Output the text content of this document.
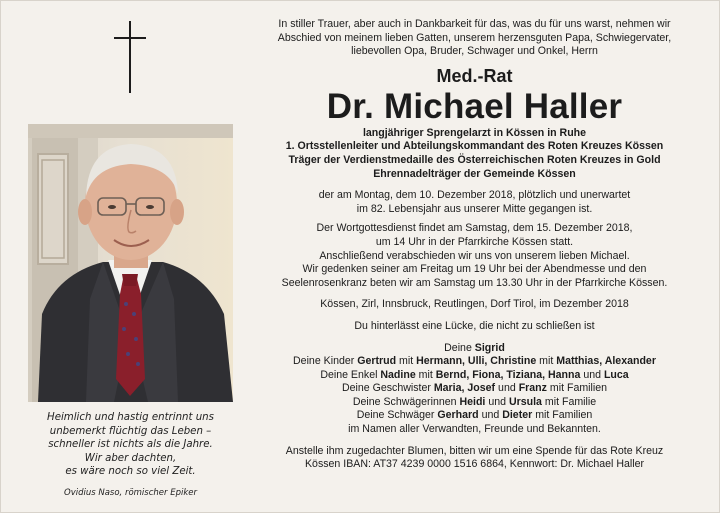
Heimlich und hastig entrinnt uns
unbemerkt flüchtig das Leben –
schneller ist nichts als die Jahre.
Wir aber dachten,
es wäre noch so viel Zeit.
Ovidius Naso, römischer Epiker
In stiller Trauer, aber auch in Dankbarkeit für das, was du für uns warst, nehmen wir
Abschied von meinem lieben Gatten, unserem herzensguten Papa, Schwiegervater,
liebevollen Opa, Bruder, Schwager und Onkel, Herrn
Med.-Rat
Dr. Michael Haller
langjähriger Sprengelarzt in Kössen in Ruhe
1. Ortsstellenleiter und Abteilungskommandant des Roten Kreuzes Kössen
Träger der Verdienstmedaille des Österreichischen Roten Kreuzes in Gold
Ehrennadelträger der Gemeinde Kössen
der am Montag, dem 10. Dezember 2018, plötzlich und unerwartet
im 82. Lebensjahr aus unserer Mitte gegangen ist.
Der Wortgottesdienst findet am Samstag, dem 15. Dezember 2018,
um 14 Uhr in der Pfarrkirche Kössen statt.
Anschließend verabschieden wir uns von unserem lieben Michael.
Wir gedenken seiner am Freitag um 19 Uhr bei der Abendmesse und den
Seelenrosenkranz beten wir am Samstag um 13.30 Uhr in der Pfarrkirche Kössen.
Kössen, Zirl, Innsbruck, Reutlingen, Dorf Tirol, im Dezember 2018
Du hinterlässt eine Lücke, die nicht zu schließen ist
Deine Sigrid
Deine Kinder Gertrud mit Hermann, Ulli, Christine mit Matthias, Alexander
Deine Enkel Nadine mit Bernd, Fiona, Tiziana, Hanna und Luca
Deine Geschwister Maria, Josef und Franz mit Familien
Deine Schwägerinnen Heidi und Ursula mit Familie
Deine Schwäger Gerhard und Dieter mit Familien
im Namen aller Verwandten, Freunde und Bekannten.
Anstelle ihm zugedachter Blumen, bitten wir um eine Spende für das Rote Kreuz
Kössen IBAN: AT37 4239 0000 1516 6864, Kennwort: Dr. Michael Haller
